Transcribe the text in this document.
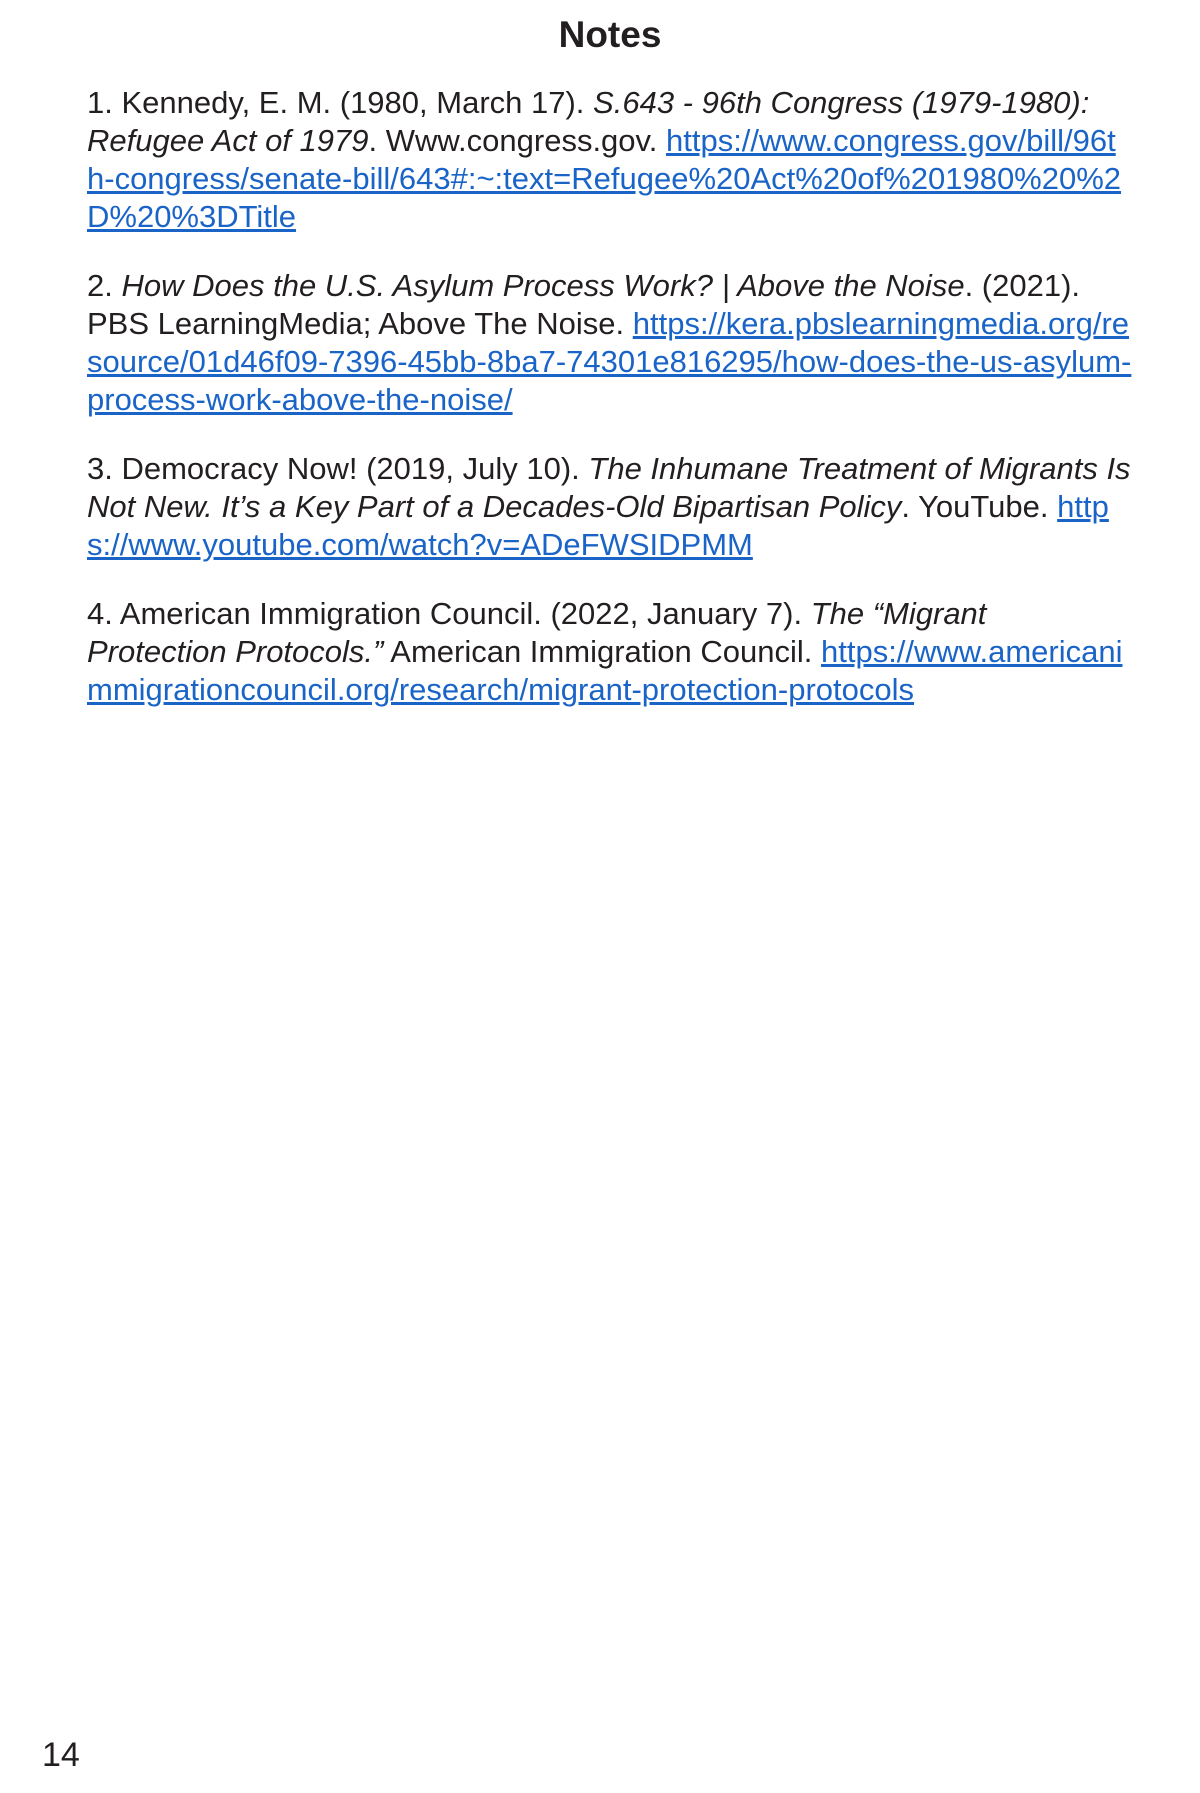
Notes

1. Kennedy, E. M. (1980, March 17). S.643 - 96th Congress (1979-1980): Refugee Act of 1979. Www.congress.gov. https://www.congress.gov/bill/96th-congress/senate-bill/643#:~:text=Refugee%20Act%20of%201980%20%2D%20%3DTitle

2. How Does the U.S. Asylum Process Work? | Above the Noise. (2021). PBS LearningMedia; Above The Noise. https://kera.pbslearningmedia.org/resource/01d46f09-7396-45bb-8ba7-74301e816295/how-does-the-us-asylum-process-work-above-the-noise/

3. Democracy Now! (2019, July 10). The Inhumane Treatment of Migrants Is Not New. It’s a Key Part of a Decades-Old Bipartisan Policy. YouTube. https://www.youtube.com/watch?v=ADeFWSIDPMM

4. American Immigration Council. (2022, January 7). The “Migrant Protection Protocols.” American Immigration Council. https://www.americanimmigrationcouncil.org/research/migrant-protection-protocols

14
